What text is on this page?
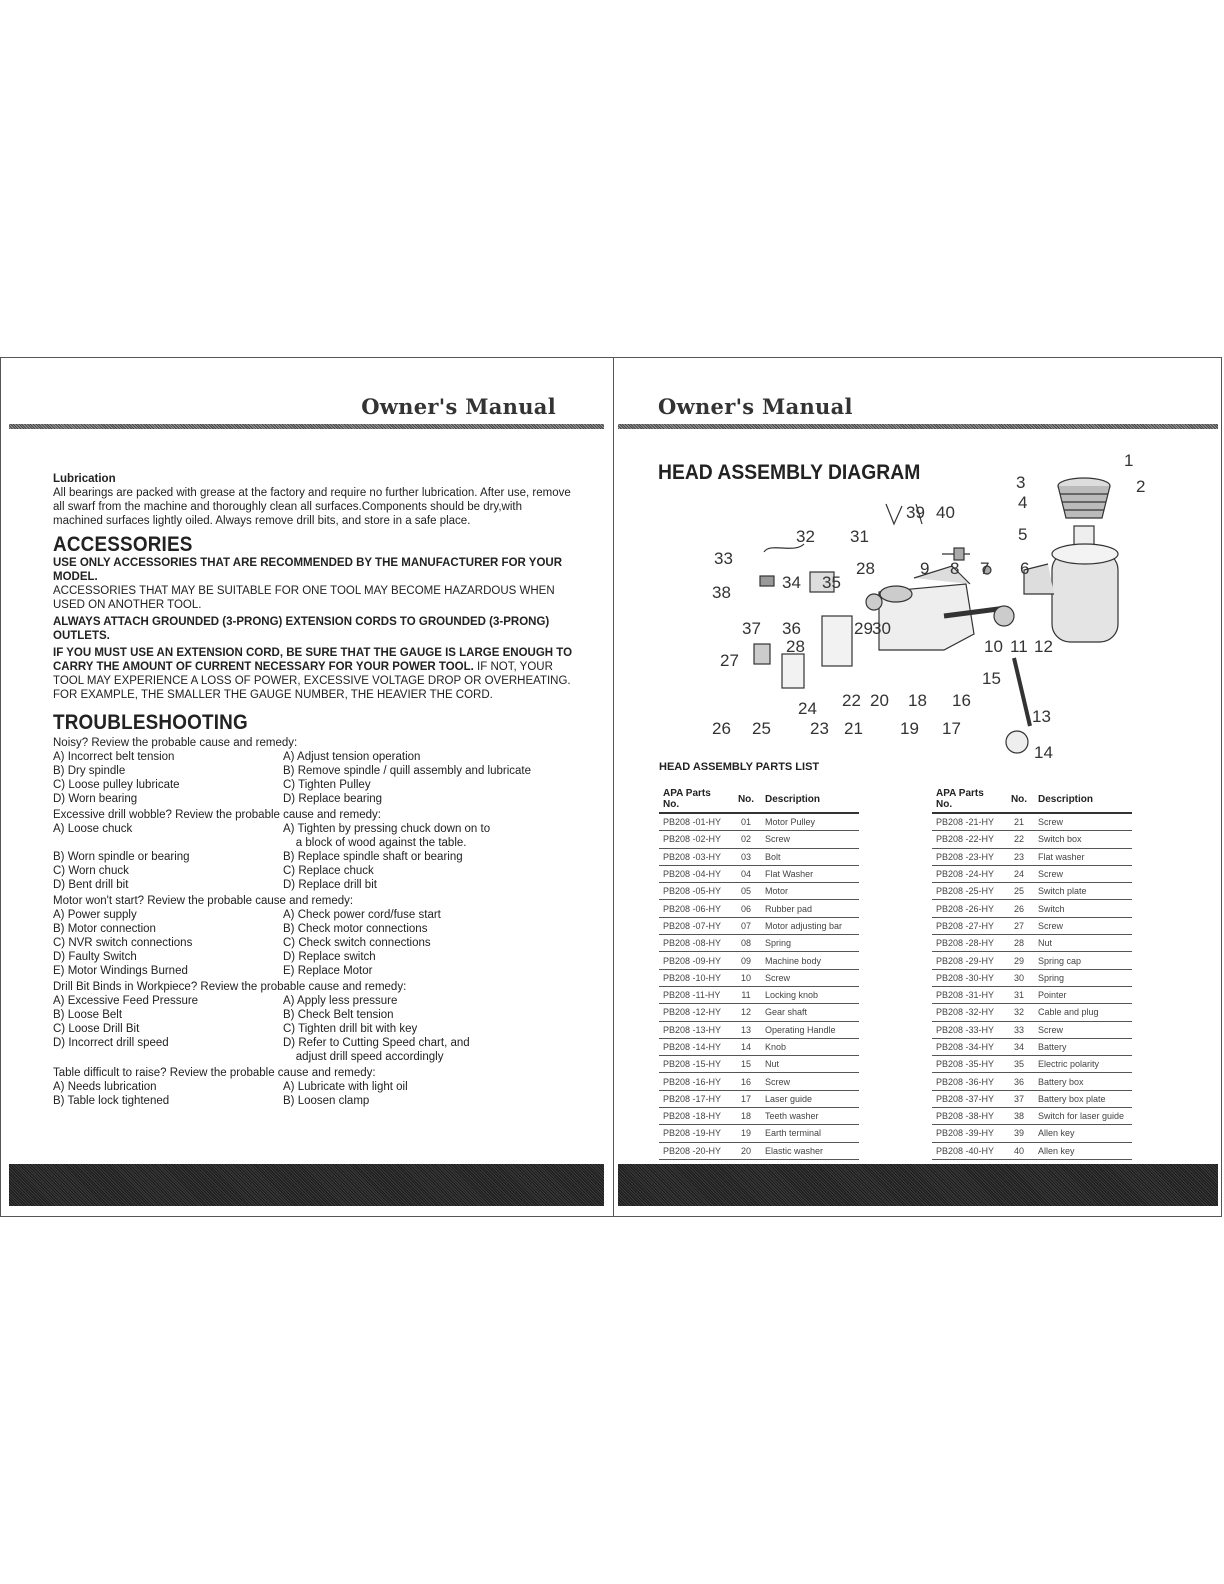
Owner's Manual
Lubrication

All bearings are packed with grease at the factory and require no further lubrication. After use, remove all swarf from the machine and thoroughly clean all surfaces.Components should be dry,with machined surfaces lightly oiled. Always remove drill bits, and store in a safe place.

ACCESSORIES

USE ONLY ACCESSORIES THAT ARE RECOMMENDED BY THE MANUFACTURER FOR YOUR MODEL.
ACCESSORIES THAT MAY BE SUITABLE FOR ONE TOOL MAY BECOME HAZARDOUS WHEN USED ON ANOTHER TOOL.

ALWAYS ATTACH GROUNDED (3-PRONG) EXTENSION CORDS TO GROUNDED (3-PRONG) OUTLETS.

IF YOU MUST USE AN EXTENSION CORD, BE SURE THAT THE GAUGE IS LARGE ENOUGH TO CARRY THE AMOUNT OF CURRENT NECESSARY FOR YOUR POWER TOOL. IF NOT, YOUR TOOL MAY EXPERIENCE A LOSS OF POWER, EXCESSIVE VOLTAGE DROP OR OVERHEATING. FOR EXAMPLE, THE SMALLER THE GAUGE NUMBER, THE HEAVIER THE CORD.

TROUBLESHOOTING
Noisy? Review the probable cause and remedy:
A) Incorrect belt tension	A) Adjust tension operation
B) Dry spindle	B) Remove spindle / quill assembly and lubricate
C) Loose pulley lubricate	C) Tighten Pulley
D) Worn bearing	D) Replace bearing
Excessive drill wobble? Review the probable cause and remedy:
A) Loose chuck	A) Tighten by pressing chuck down on to
a block of wood against the table.
B) Worn spindle or bearing	B) Replace spindle shaft or bearing
C) Worn chuck	C) Replace chuck
D) Bent drill bit	D) Replace drill bit
Motor won't start? Review the probable cause and remedy:
A) Power supply	A) Check power cord/fuse start
B) Motor connection	B) Check motor connections
C) NVR switch connections	C) Check switch connections
D) Faulty Switch	D) Replace switch
E) Motor Windings Burned	E) Replace Motor
Drill Bit Binds in Workpiece? Review the probable cause and remedy:
A) Excessive Feed Pressure	A) Apply less pressure
B) Loose Belt	B) Check Belt tension
C) Loose Drill Bit	C) Tighten drill bit with key
D) Incorrect drill speed	D) Refer to Cutting Speed chart, and
adjust drill speed accordingly
Table difficult to raise? Review the probable cause and remedy:
A) Needs lubrication	A) Lubricate with light oil
B) Table lock tightened	B) Loosen clamp
Owner's Manual
HEAD ASSEMBLY DIAGRAM
1
2
3
4
5
6
7
8
9
10 11 12
13
14
15
16
17
18
19
20
21
22
23
24
25
26
27
28
28
29 30
31
32
33
34 35
36
37
38
39 40
HEAD ASSEMBLY PARTS LIST
APA Parts No.	No.	Description
PB208 -01-HY	01	Motor Pulley
PB208 -02-HY	02	Screw
PB208 -03-HY	03	Bolt
PB208 -04-HY	04	Flat Washer
PB208 -05-HY	05	Motor
PB208 -06-HY	06	Rubber pad
PB208 -07-HY	07	Motor adjusting bar
PB208 -08-HY	08	Spring
PB208 -09-HY	09	Machine body
PB208 -10-HY	10	Screw
PB208 -11-HY	11	Locking knob
PB208 -12-HY	12	Gear shaft
PB208 -13-HY	13	Operating Handle
PB208 -14-HY	14	Knob
PB208 -15-HY	15	Nut
PB208 -16-HY	16	Screw
PB208 -17-HY	17	Laser guide
PB208 -18-HY	18	Teeth washer
PB208 -19-HY	19	Earth terminal
PB208 -20-HY	20	Elastic washer
APA Parts No.	No.	Description
PB208 -21-HY	21	Screw
PB208 -22-HY	22	Switch box
PB208 -23-HY	23	Flat washer
PB208 -24-HY	24	Screw
PB208 -25-HY	25	Switch plate
PB208 -26-HY	26	Switch
PB208 -27-HY	27	Screw
PB208 -28-HY	28	Nut
PB208 -29-HY	29	Spring cap
PB208 -30-HY	30	Spring
PB208 -31-HY	31	Pointer
PB208 -32-HY	32	Cable and plug
PB208 -33-HY	33	Screw
PB208 -34-HY	34	Battery
PB208 -35-HY	35	Electric polarity
PB208 -36-HY	36	Battery box
PB208 -37-HY	37	Battery box plate
PB208 -38-HY	38	Switch for laser guide
PB208 -39-HY	39	Allen key
PB208 -40-HY	40	Allen key
